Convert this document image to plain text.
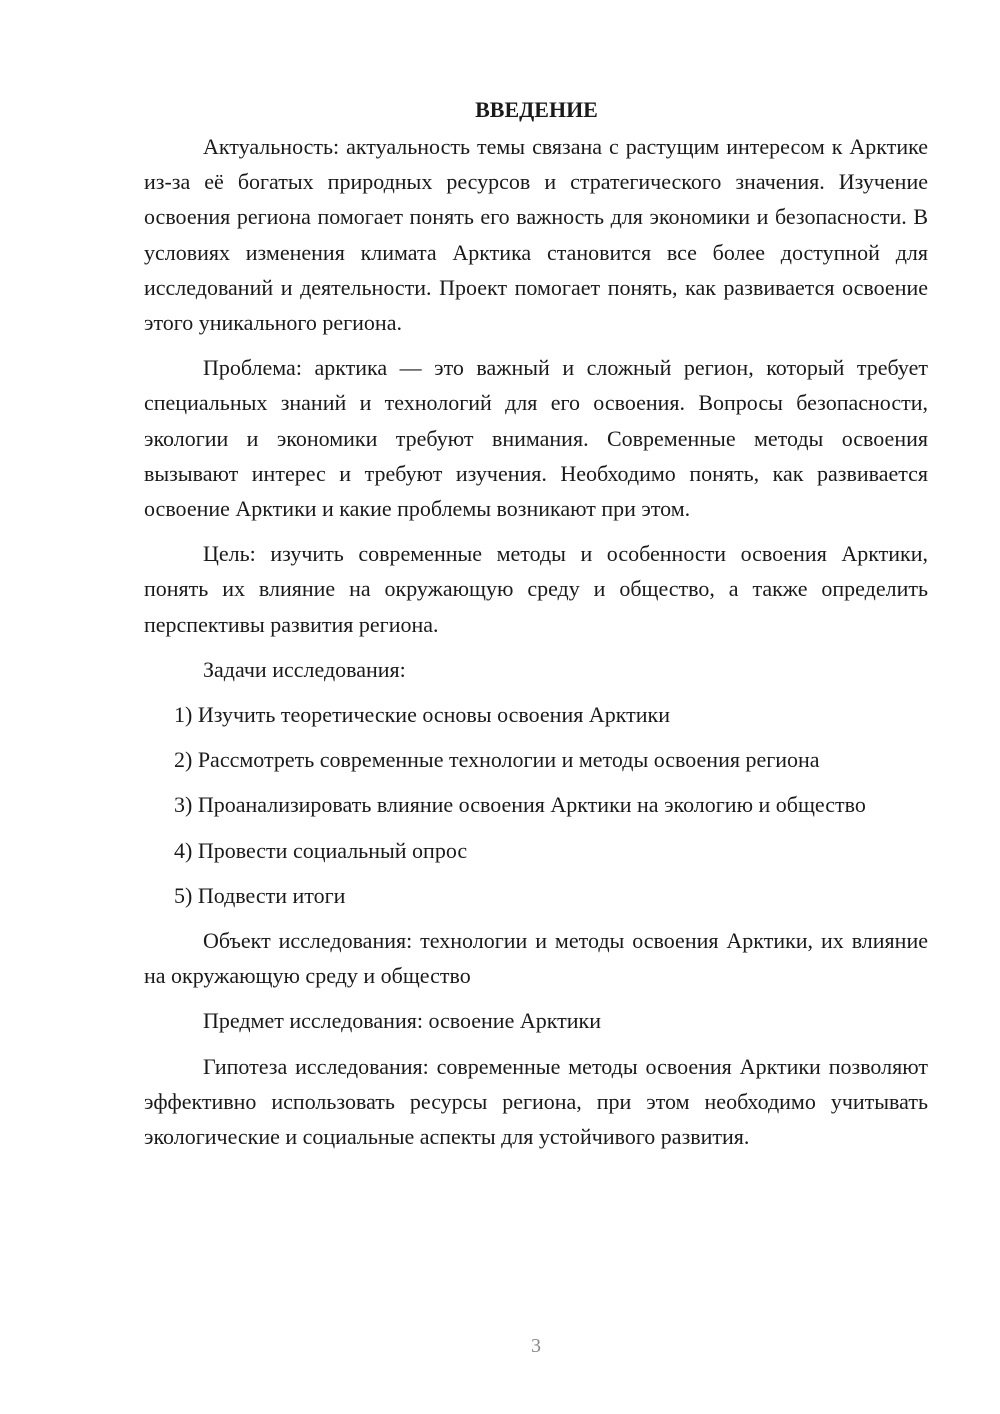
ВВЕДЕНИЕ

Актуальность: актуальность темы связана с растущим интересом к Арктике из-за её богатых природных ресурсов и стратегического значения. Изучение освоения региона помогает понять его важность для экономики и безопасности. В условиях изменения климата Арктика становится все более доступной для исследований и деятельности. Проект помогает понять, как развивается освоение этого уникального региона.

Проблема: арктика — это важный и сложный регион, который требует специальных знаний и технологий для его освоения. Вопросы безопасности, экологии и экономики требуют внимания. Современные методы освоения вызывают интерес и требуют изучения. Необходимо понять, как развивается освоение Арктики и какие проблемы возникают при этом.

Цель: изучить современные методы и особенности освоения Арктики, понять их влияние на окружающую среду и общество, а также определить перспективы развития региона.

Задачи исследования:

1) Изучить теоретические основы освоения Арктики

2) Рассмотреть современные технологии и методы освоения региона

3) Проанализировать влияние освоения Арктики на экологию и общество

4) Провести социальный опрос

5) Подвести итоги

Объект исследования: технологии и методы освоения Арктики, их влияние на окружающую среду и общество

Предмет исследования: освоение Арктики

Гипотеза исследования: современные методы освоения Арктики позволяют эффективно использовать ресурсы региона, при этом необходимо учитывать экологические и социальные аспекты для устойчивого развития.

3
